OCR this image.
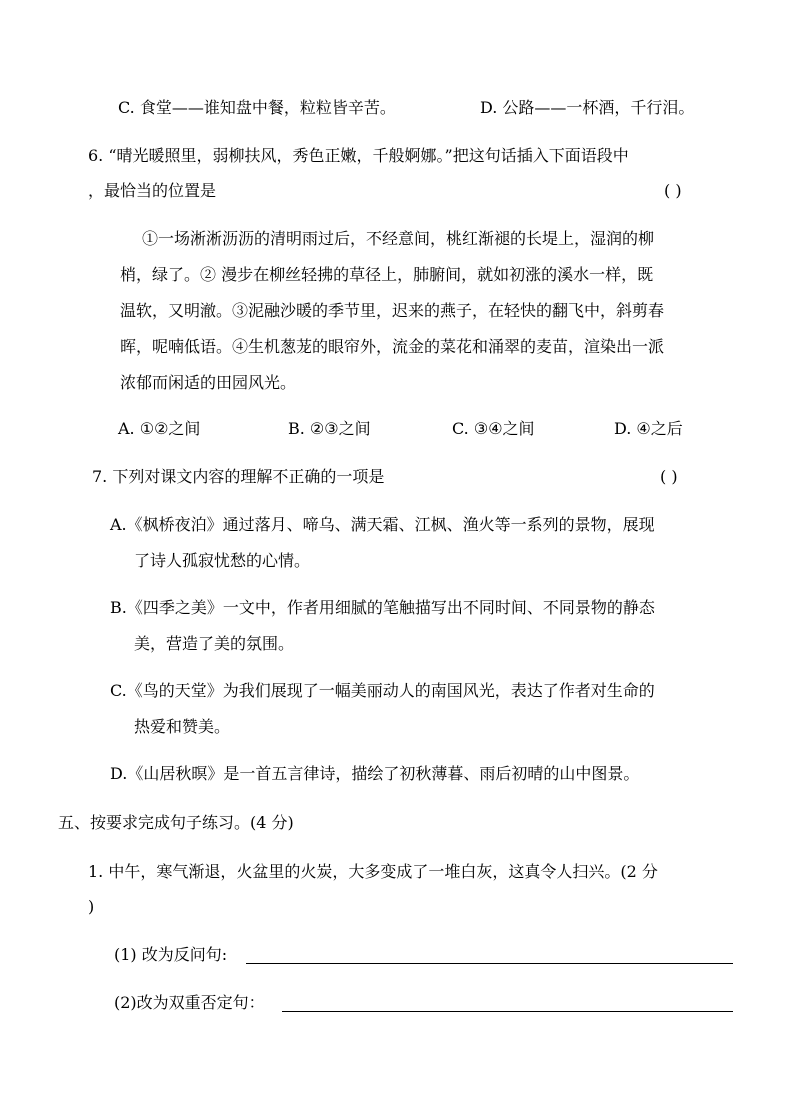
C. 食堂——谁知盘中餐，粒粒皆辛苦。	D. 公路——一杯酒，千行泪。
6. “晴光暖照里，弱柳扶风，秀色正嫩，千般婀娜。”把这句话插入下面语段中
，最恰当的位置是	( )
①一场淅淅沥沥的清明雨过后，不经意间，桃红渐褪的长堤上，湿润的柳
梢，绿了。② 漫步在柳丝轻拂的草径上，肺腑间，就如初涨的溪水一样，既
温软，又明澈。③泥融沙暖的季节里，迟来的燕子，在轻快的翻飞中，斜剪春
晖，呢喃低语。④生机葱茏的眼帘外，流金的菜花和涌翠的麦苗，渲染出一派
浓郁而闲适的田园风光。
A. ①②之间	B. ②③之间	C. ③④之间	D. ④之后
7. 下列对课文内容的理解不正确的一项是	( )
A.《枫桥夜泊》通过落月、啼乌、满天霜、江枫、渔火等一系列的景物，展现
了诗人孤寂忧愁的心情。
B.《四季之美》一文中，作者用细腻的笔触描写出不同时间、不同景物的静态
美，营造了美的氛围。
C.《鸟的天堂》为我们展现了一幅美丽动人的南国风光，表达了作者对生命的
热爱和赞美。
D.《山居秋暝》是一首五言律诗，描绘了初秋薄暮、雨后初晴的山中图景。
五、按要求完成句子练习。(4 分)
1. 中午，寒气渐退，火盆里的火炭，大多变成了一堆白灰，这真令人扫兴。(2 分
)
(1) 改为反问句:
(2)改为双重否定句：
